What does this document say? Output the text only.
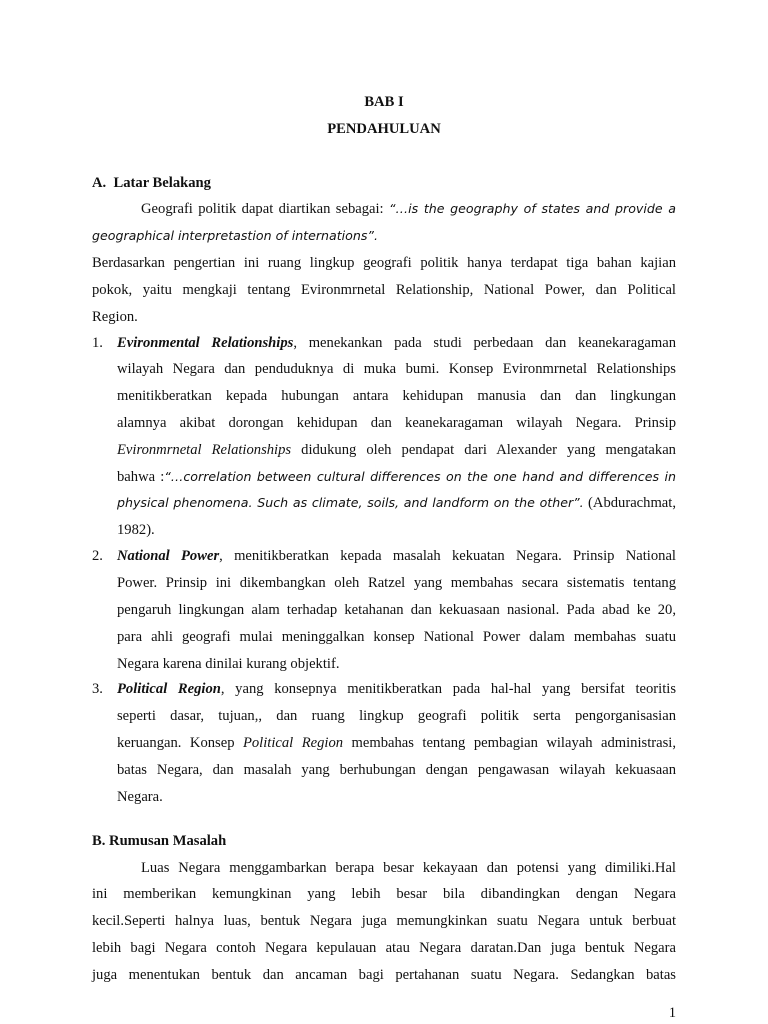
BAB I
PENDAHULUAN
A. Latar Belakang
Geografi politik dapat diartikan sebagai: “…is the geography of states and provide a
geographical interpretastion of internations”.
Berdasarkan pengertian ini ruang lingkup geografi politik hanya terdapat tiga bahan kajian
pokok, yaitu mengkaji tentang Evironmrnetal Relationship, National Power, dan Political
Region.
1. Evironmental Relationships, menekankan pada studi perbedaan dan keanekaragaman
wilayah Negara dan penduduknya di muka bumi. Konsep Evironmrnetal Relationships
menitikberatkan kepada hubungan antara kehidupan manusia dan dan lingkungan
alamnya akibat dorongan kehidupan dan keanekaragaman wilayah Negara. Prinsip
Evironmrnetal Relationships didukung oleh pendapat dari Alexander yang mengatakan
bahwa :“…correlation between cultural differences on the one hand and differences in
physical phenomena. Such as climate, soils, and landform on the other”. (Abdurachmat,
1982).
2. National Power, menitikberatkan kepada masalah kekuatan Negara. Prinsip National
Power. Prinsip ini dikembangkan oleh Ratzel yang membahas secara sistematis tentang
pengaruh lingkungan alam terhadap ketahanan dan kekuasaan nasional. Pada abad ke 20,
para ahli geografi mulai meninggalkan konsep National Power dalam membahas suatu
Negara karena dinilai kurang objektif.
3. Political Region, yang konsepnya menitikberatkan pada hal-hal yang bersifat teoritis
seperti dasar, tujuan,, dan ruang lingkup geografi politik serta pengorganisasian
keruangan. Konsep Political Region membahas tentang pembagian wilayah administrasi,
batas Negara, dan masalah yang berhubungan dengan pengawasan wilayah kekuasaan
Negara.
B. Rumusan Masalah
Luas Negara menggambarkan berapa besar kekayaan dan potensi yang dimiliki.Hal
ini memberikan kemungkinan yang lebih besar bila dibandingkan dengan Negara
kecil.Seperti halnya luas, bentuk Negara juga memungkinkan suatu Negara untuk berbuat
lebih bagi Negara contoh Negara kepulauan atau Negara daratan.Dan juga bentuk Negara
juga menentukan bentuk dan ancaman bagi pertahanan suatu Negara. Sedangkan batas
1
